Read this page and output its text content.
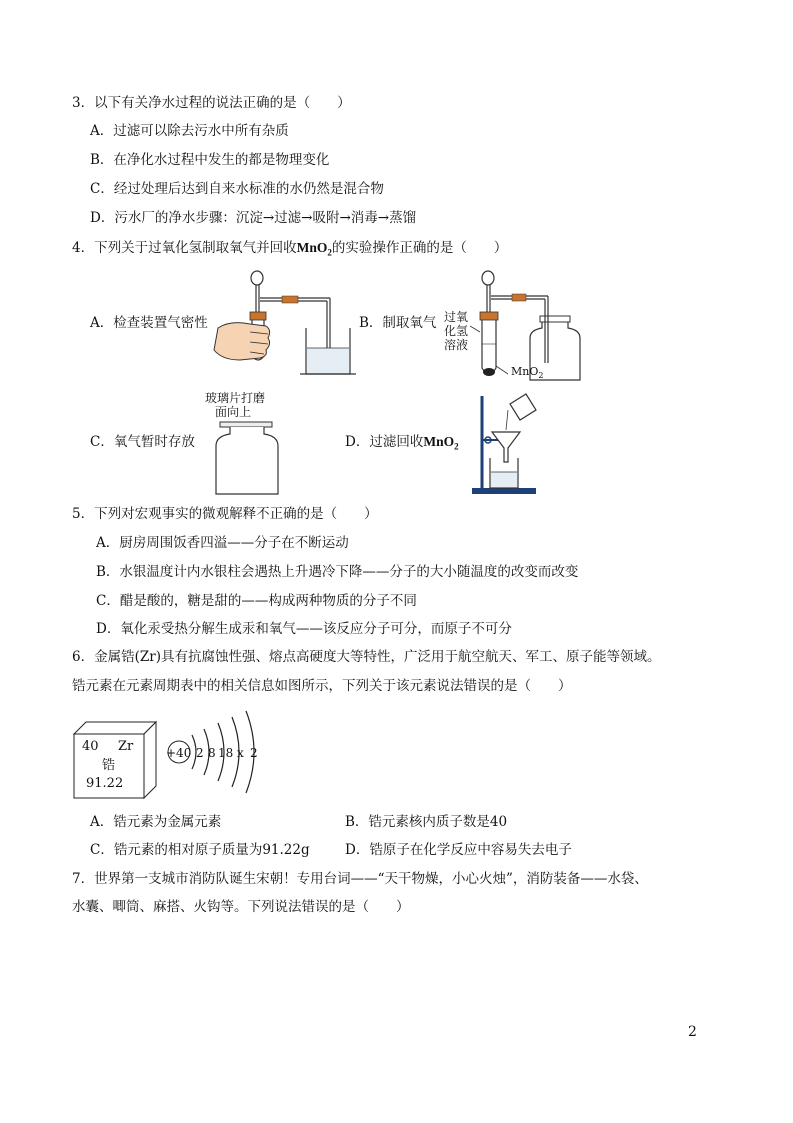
3．以下有关净水过程的说法正确的是（　　）
A．过滤可以除去污水中所有杂质
B．在净化水过程中发生的都是物理变化
C．经过处理后达到自来水标准的水仍然是混合物
D．污水厂的净水步骤：沉淀→过滤→吸附→消毒→蒸馏
4．下列关于过氧化氢制取氧气并回收MnO$_2$的实验操作正确的是（　　）
A．检查装置气密性	B．制取氧气 过氧
化氢
溶液
MnO$_2$
玻璃片打磨
面向上
C．氧气暂时存放	D．过滤回收MnO$_2$
5．下列对宏观事实的微观解释不正确的是（　　）
A．厨房周围饭香四溢——分子在不断运动
B．水银温度计内水银柱会遇热上升遇冷下降——分子的大小随温度的改变而改变
C．醋是酸的，糖是甜的——构成两种物质的分子不同
D．氧化汞受热分解生成汞和氧气——该反应分子可分，而原子不可分
6．金属锆(Zr)具有抗腐蚀性强、熔点高硬度大等特性，广泛用于航空航天、军工、原子能等领域。
锆元素在元素周期表中的相关信息如图所示，下列关于该元素说法错误的是（　　）
40 Zr
锆
91.22
+40 2 8 18 x 2
A．锆元素为金属元素	B．锆元素核内质子数是40
C．锆元素的相对原子质量为91.22g	D．锆原子在化学反应中容易失去电子
7．世界第一支城市消防队诞生宋朝！专用台词——“天干物燥，小心火烛”，消防装备——水袋、
水囊、唧筒、麻搭、火钩等。下列说法错误的是（　　）
2
